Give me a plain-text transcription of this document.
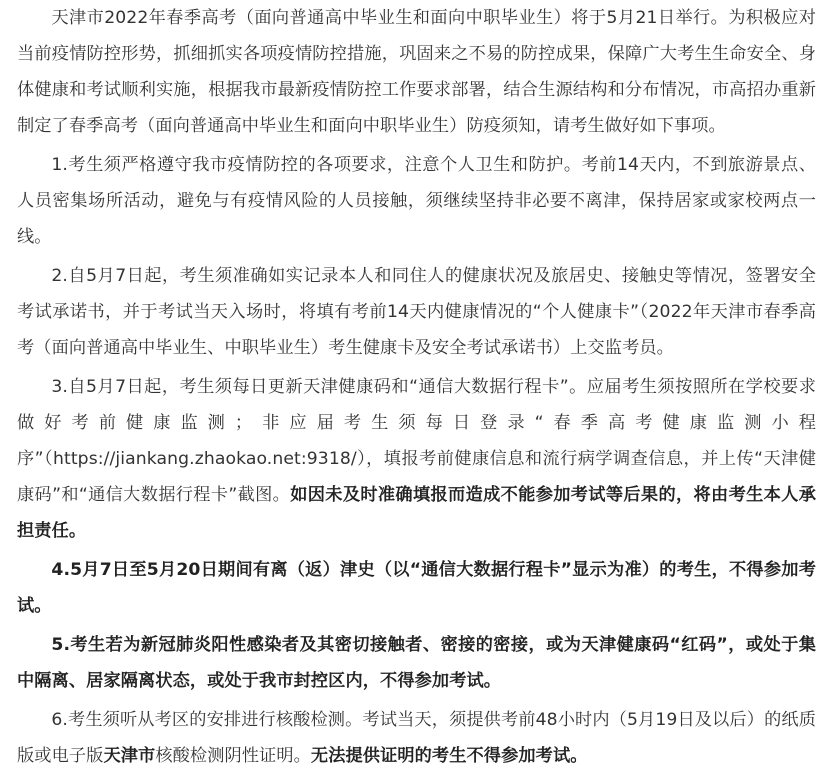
天津市2022年春季高考（面向普通高中毕业生和面向中职毕业生）将于5月21日举行。为积极应对当前疫情防控形势，抓细抓实各项疫情防控措施，巩固来之不易的防控成果，保障广大考生生命安全、身体健康和考试顺利实施，根据我市最新疫情防控工作要求部署，结合生源结构和分布情况，市高招办重新制定了春季高考（面向普通高中毕业生和面向中职毕业生）防疫须知，请考生做好如下事项。

1.考生须严格遵守我市疫情防控的各项要求，注意个人卫生和防护。考前14天内，不到旅游景点、人员密集场所活动，避免与有疫情风险的人员接触，须继续坚持非必要不离津，保持居家或家校两点一线。

2.自5月7日起，考生须准确如实记录本人和同住人的健康状况及旅居史、接触史等情况，签署安全考试承诺书，并于考试当天入场时，将填有考前14天内健康情况的“个人健康卡”（2022年天津市春季高考（面向普通高中毕业生、中职毕业生）考生健康卡及安全考试承诺书）上交监考员。

3.自5月7日起，考生须每日更新天津健康码和“通信大数据行程卡”。应届考生须按照所在学校要求做好考前健康监测；非应届考生须每日登录“春季高考健康监测小程序”（https://jiankang.zhaokao.net:9318/），填报考前健康信息和流行病学调查信息，并上传“天津健康码”和“通信大数据行程卡”截图。如因未及时准确填报而造成不能参加考试等后果的，将由考生本人承担责任。

4.5月7日至5月20日期间有离（返）津史（以“通信大数据行程卡”显示为准）的考生，不得参加考试。

5.考生若为新冠肺炎阳性感染者及其密切接触者、密接的密接，或为天津健康码“红码”，或处于集中隔离、居家隔离状态，或处于我市封控区内，不得参加考试。

6.考生须听从考区的安排进行核酸检测。考试当天，须提供考前48小时内（5月19日及以后）的纸质版或电子版天津市核酸检测阴性证明。无法提供证明的考生不得参加考试。
